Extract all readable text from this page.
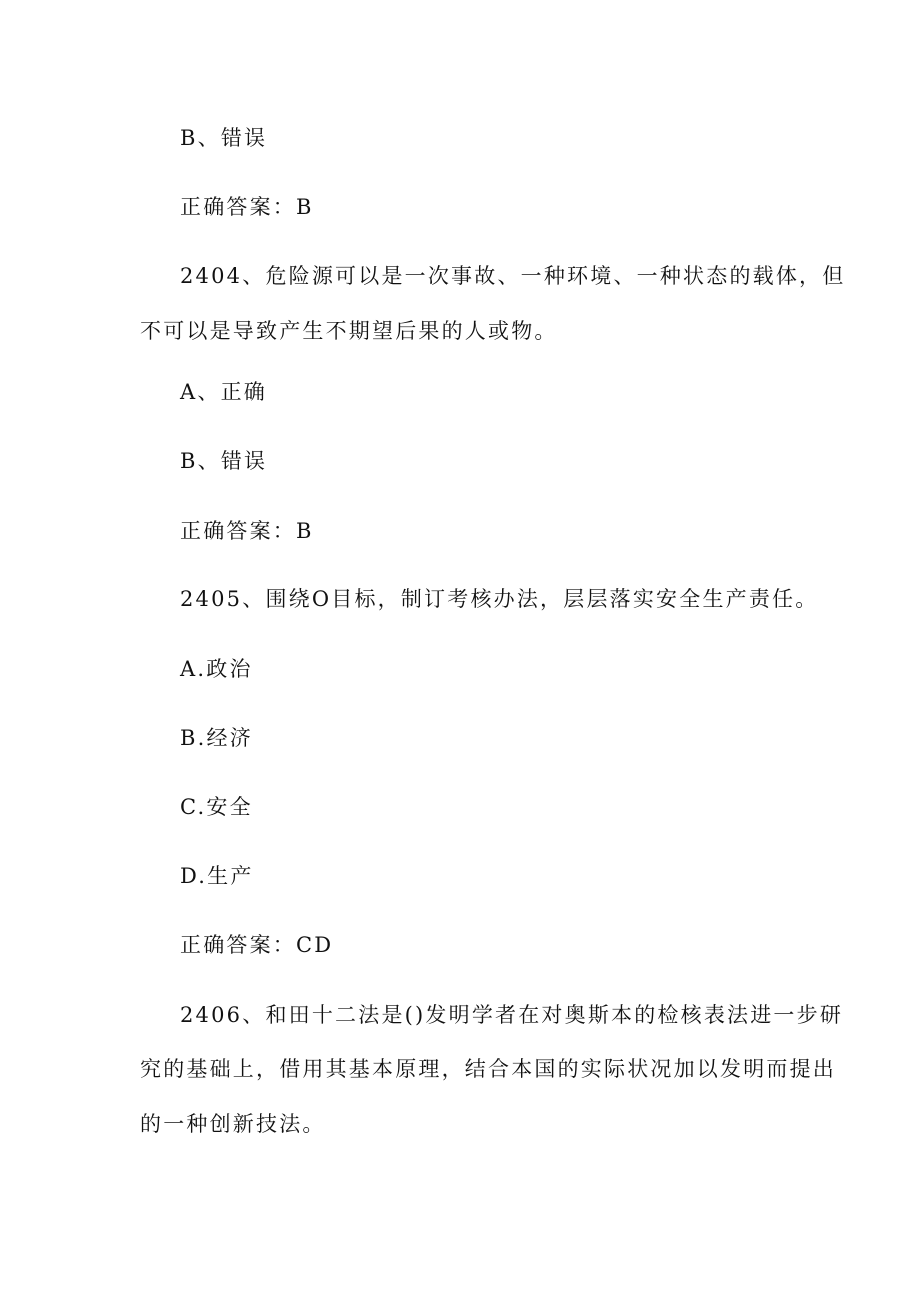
B、错误
正确答案：B
2404、危险源可以是一次事故、一种环境、一种状态的载体，但
不可以是导致产生不期望后果的人或物。
A、正确
B、错误
正确答案：B
2405、围绕O目标，制订考核办法，层层落实安全生产责任。
A.政治
B.经济
C.安全
D.生产
正确答案：CD
2406、和田十二法是()发明学者在对奥斯本的检核表法进一步研
究的基础上，借用其基本原理，结合本国的实际状况加以发明而提出
的一种创新技法。
